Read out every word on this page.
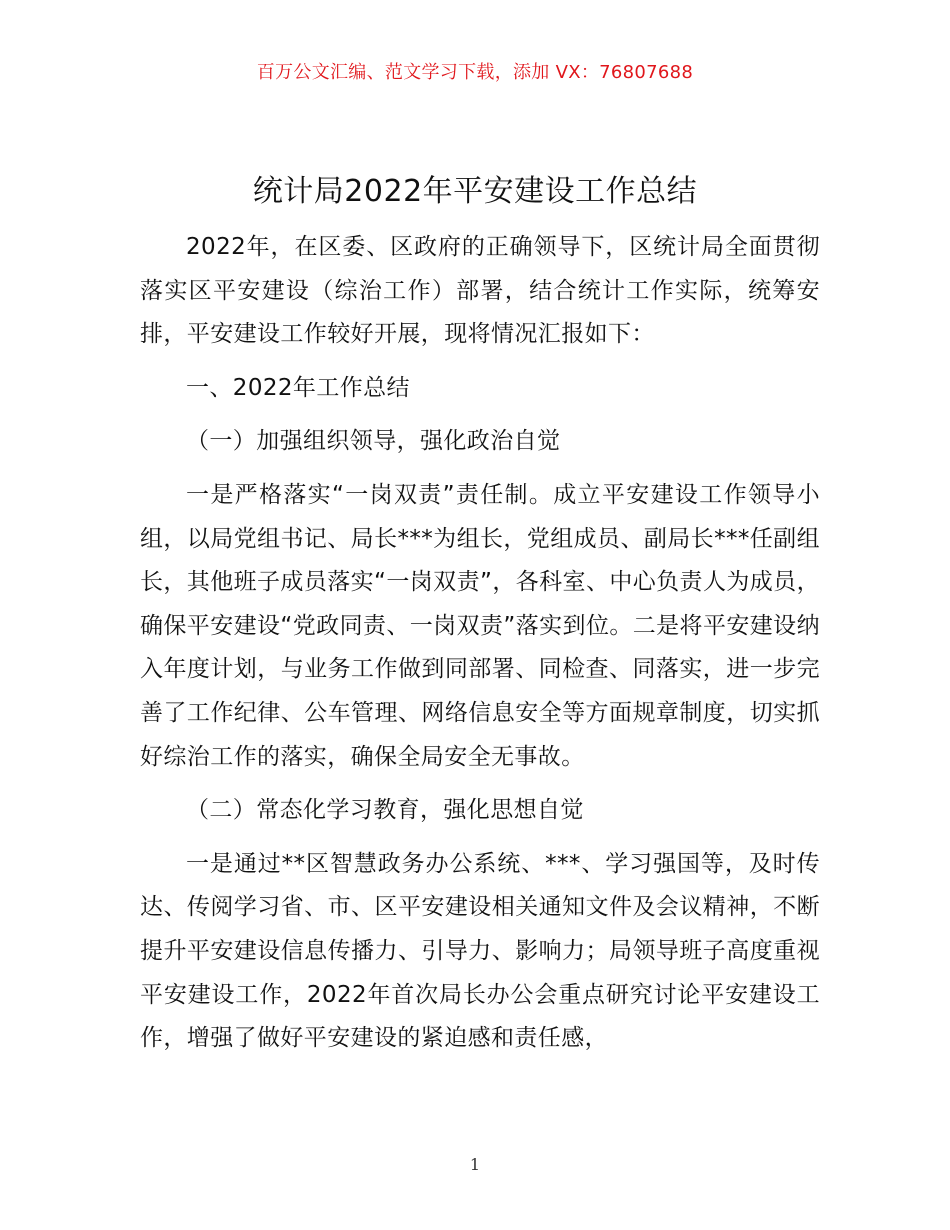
百万公文汇编、范文学习下载，添加 VX：76807688
统计局2022年平安建设工作总结

2022年，在区委、区政府的正确领导下，区统计局全面贯彻落实区平安建设（综治工作）部署，结合统计工作实际，统筹安排，平安建设工作较好开展，现将情况汇报如下：

一、2022年工作总结

（一）加强组织领导，强化政治自觉

一是严格落实“一岗双责”责任制。成立平安建设工作领导小组，以局党组书记、局长***为组长，党组成员、副局长***任副组长，其他班子成员落实“一岗双责”，各科室、中心负责人为成员，确保平安建设“党政同责、一岗双责”落实到位。二是将平安建设纳入年度计划，与业务工作做到同部署、同检查、同落实，进一步完善了工作纪律、公车管理、网络信息安全等方面规章制度，切实抓好综治工作的落实，确保全局安全无事故。

（二）常态化学习教育，强化思想自觉

一是通过**区智慧政务办公系统、***、学习强国等，及时传达、传阅学习省、市、区平安建设相关通知文件及会议精神，不断提升平安建设信息传播力、引导力、影响力；局领导班子高度重视平安建设工作，2022年首次局长办公会重点研究讨论平安建设工作，增强了做好平安建设的紧迫感和责任感，

1
